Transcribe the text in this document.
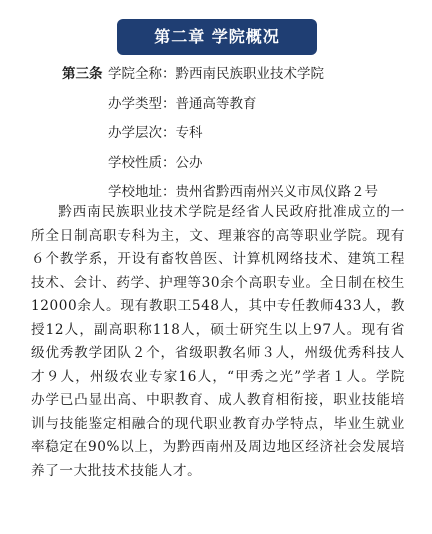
第二章 学院概况
第三条 学院全称：黔西南民族职业技术学院
办学类型：普通高等教育
办学层次：专科
学校性质：公办
学校地址：贵州省黔西南州兴义市凤仪路２号

黔西南民族职业技术学院是经省人民政府批准成立的一所全日制高职专科为主，文、理兼容的高等职业学院。现有６个教学系，开设有畜牧兽医、计算机网络技术、建筑工程技术、会计、药学、护理等30余个高职专业。全日制在校生12000余人。现有教职工548人，其中专任教师433人，教授12人，副高职称118人，硕士研究生以上97人。现有省级优秀教学团队２个，省级职教名师３人，州级优秀科技人才９人，州级农业专家16人，“甲秀之光”学者１人。学院办学已凸显出高、中职教育、成人教育相衔接，职业技能培训与技能鉴定相融合的现代职业教育办学特点，毕业生就业率稳定在90%以上，为黔西南州及周边地区经济社会发展培养了一大批技术技能人才。
